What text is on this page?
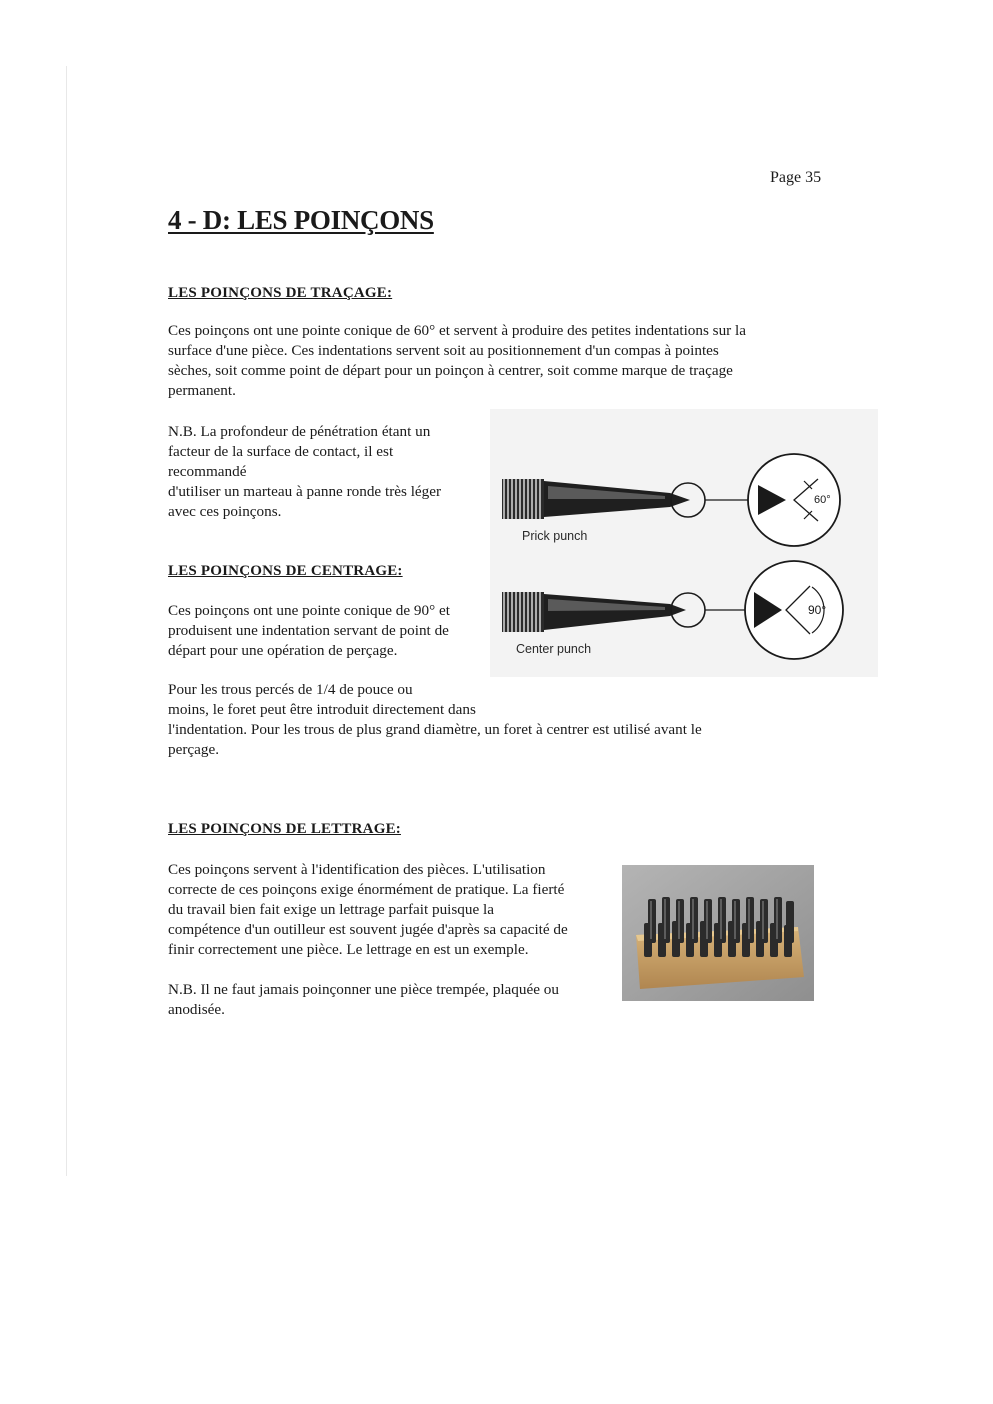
Page 35
4 - D: LES POINÇONS
LES POINÇONS DE TRAÇAGE:

Ces poinçons ont une pointe conique de 60° et servent à produire des petites indentations sur la
surface d'une pièce. Ces indentations servent soit au positionnement d'un compas à pointes
sèches, soit comme point de départ pour un poinçon à centrer, soit comme marque de traçage
permanent.

N.B. La profondeur de pénétration étant un
facteur de la surface de contact, il est
recommandé
d'utiliser un marteau à panne ronde très léger
avec ces poinçons.

LES POINÇONS DE CENTRAGE:

Ces poinçons ont une pointe conique de 90° et
produisent une indentation servant de point de
départ pour une opération de perçage.

Pour les trous percés de 1/4 de pouce ou
moins, le foret peut être introduit directement dans
l'indentation. Pour les trous de plus grand diamètre, un foret à centrer est utilisé avant le
perçage.

Prick punch
60°
Center punch
90°
LES POINÇONS DE LETTRAGE:

Ces poinçons servent à l'identification des pièces. L'utilisation
correcte de ces poinçons exige énormément de pratique. La fierté
du travail bien fait exige un lettrage parfait puisque la
compétence d'un outilleur est souvent jugée d'après sa capacité de
finir correctement une pièce. Le lettrage en est un exemple.

N.B. Il ne faut jamais poinçonner une pièce trempée, plaquée ou
anodisée.
